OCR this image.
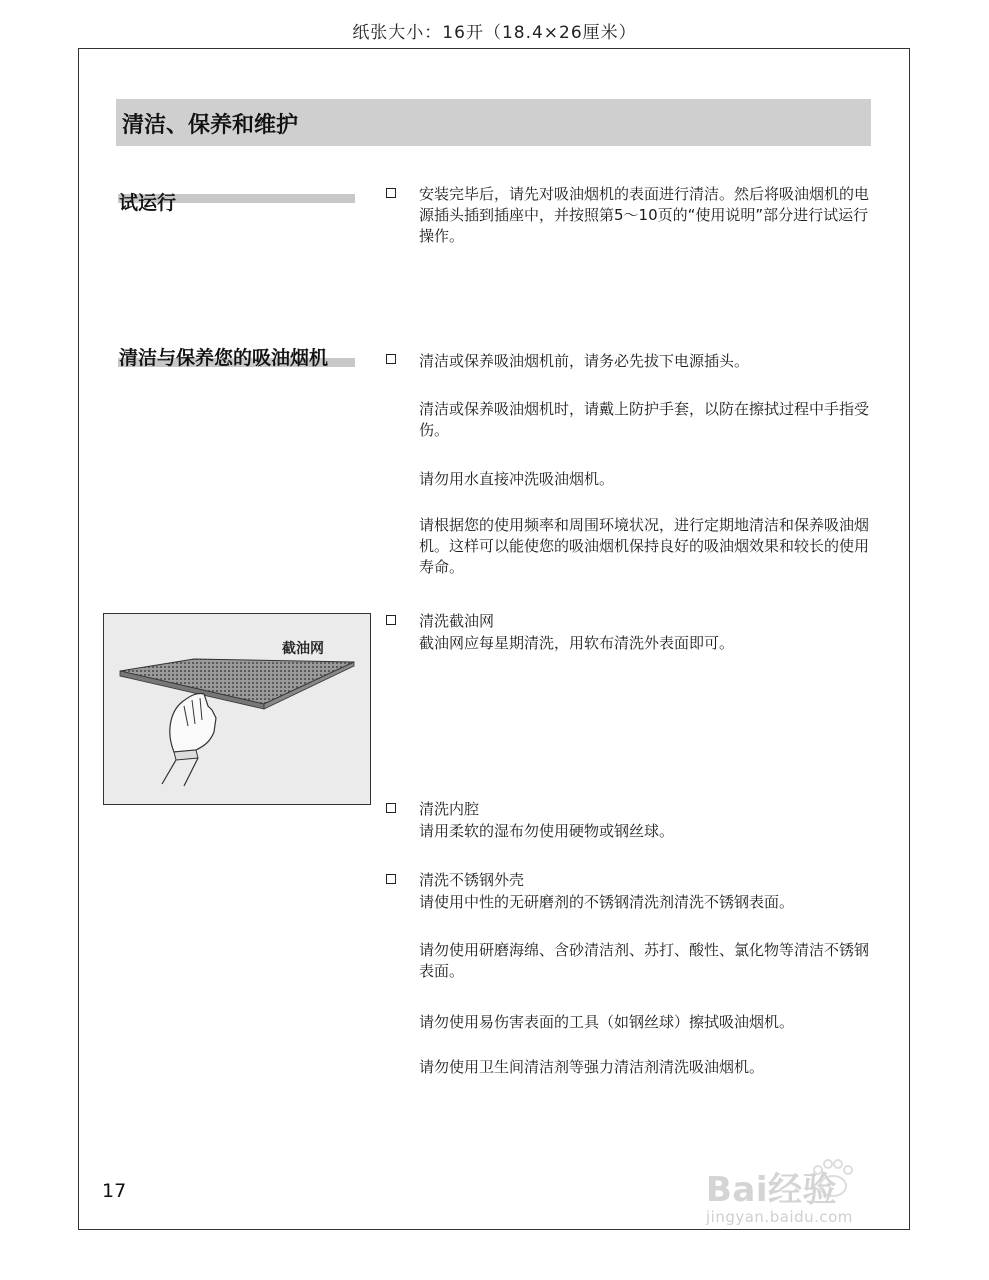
纸张大小：16开（18.4×26厘米）
清洁、保养和维护
试运行
清洁与保养您的吸油烟机
安装完毕后，请先对吸油烟机的表面进行清洁。然后将吸油烟机的电源插头插到插座中，并按照第5～10页的“使用说明”部分进行试运行操作。
清洁或保养吸油烟机前，请务必先拔下电源插头。
清洁或保养吸油烟机时，请戴上防护手套，以防在擦拭过程中手指受伤。
请勿用水直接冲洗吸油烟机。
请根据您的使用频率和周围环境状况，进行定期地清洁和保养吸油烟机。这样可以能使您的吸油烟机保持良好的吸油烟效果和较长的使用寿命。
清洗截油网
截油网应每星期清洗，用软布清洗外表面即可。
截油网
清洗内腔
请用柔软的湿布勿使用硬物或钢丝球。
清洗不锈钢外壳
请使用中性的无研磨剂的不锈钢清洗剂清洗不锈钢表面。
请勿使用研磨海绵、含砂清洁剂、苏打、酸性、氯化物等清洁不锈钢表面。
请勿使用易伤害表面的工具（如钢丝球）擦拭吸油烟机。
请勿使用卫生间清洁剂等强力清洁剂清洗吸油烟机。
17	Bai经验
jingyan.baidu.com
